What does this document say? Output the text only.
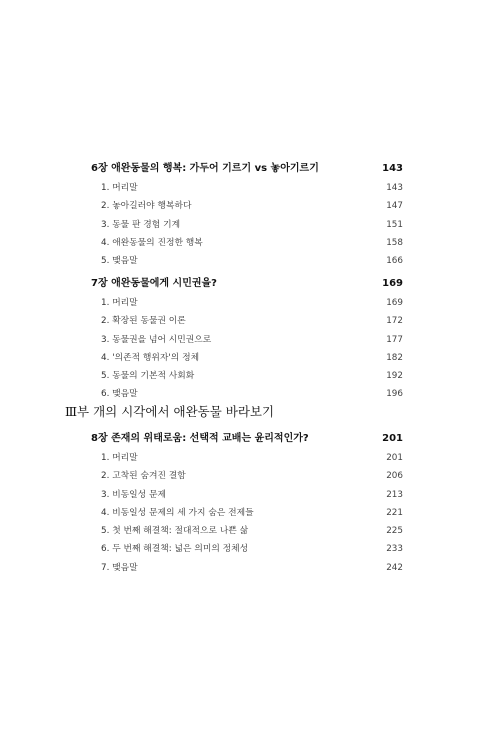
6장 애완동물의 행복: 가두어 기르기 vs 놓아기르기	143
1. 머리말	143
2. 놓아길러야 행복하다	147
3. 동물 판 경험 기계	151
4. 애완동물의 진정한 행복	158
5. 맺음말	166
7장 애완동물에게 시민권을?	169
1. 머리말	169
2. 확장된 동물권 이론	172
3. 동물권을 넘어 시민권으로	177
4. '의존적 행위자'의 정체	182
5. 동물의 기본적 사회화	192
6. 맺음말	196
Ⅲ부 개의 시각에서 애완동물 바라보기
8장 존재의 위태로움: 선택적 교배는 윤리적인가?	201
1. 머리말	201
2. 고착된 숨겨진 결함	206
3. 비동일성 문제	213
4. 비동일성 문제의 세 가지 숨은 전제들	221
5. 첫 번째 해결책: 절대적으로 나쁜 삶	225
6. 두 번째 해결책: 넓은 의미의 정체성	233
7. 맺음말	242
